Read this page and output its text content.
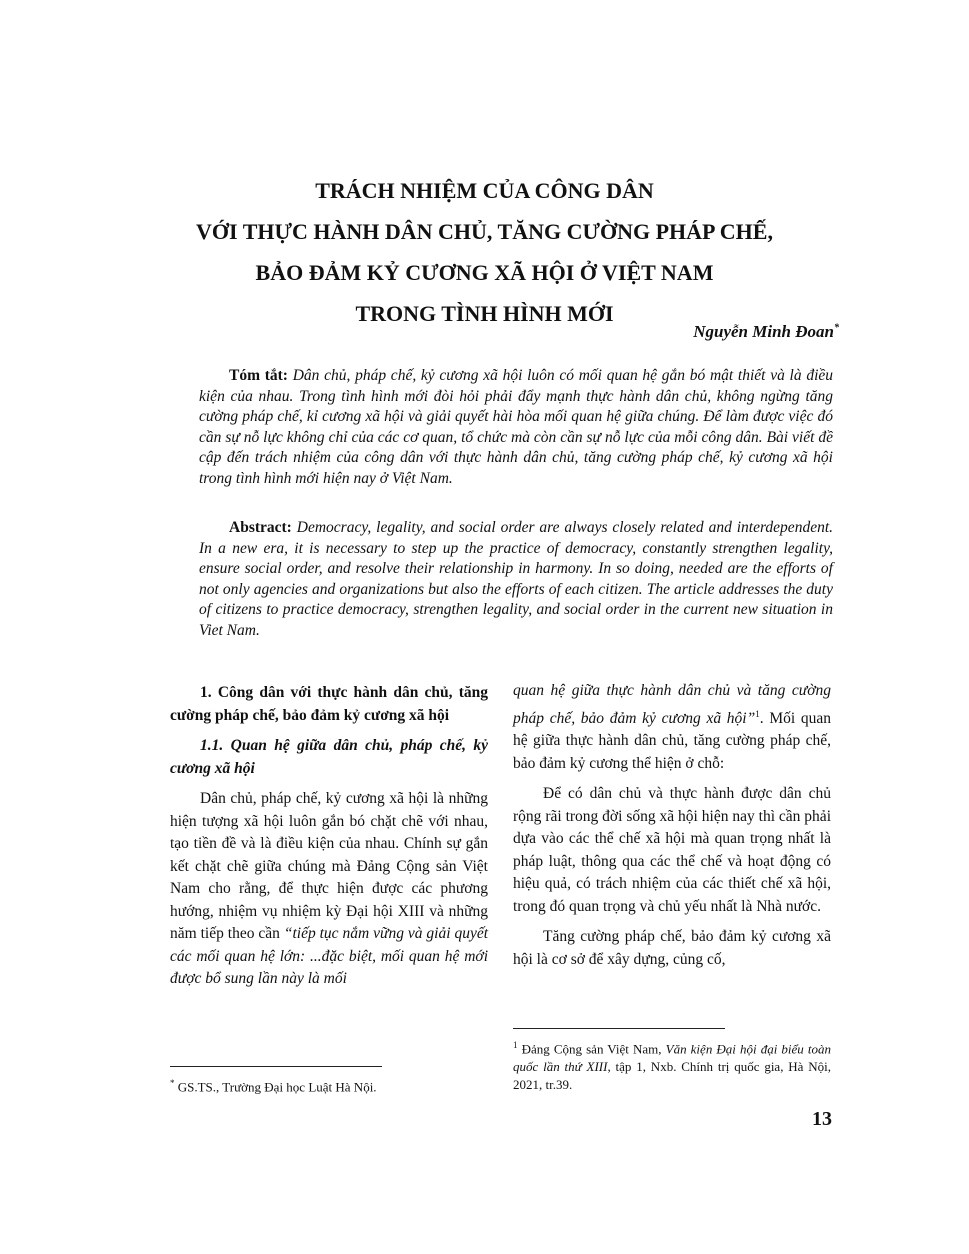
TRÁCH NHIỆM CỦA CÔNG DÂN
VỚI THỰC HÀNH DÂN CHỦ, TĂNG CƯỜNG PHÁP CHẾ,
BẢO ĐẢM KỶ CƯƠNG XÃ HỘI Ở VIỆT NAM
TRONG TÌNH HÌNH MỚI
Nguyễn Minh Đoan*
Tóm tắt: Dân chủ, pháp chế, kỷ cương xã hội luôn có mối quan hệ gắn bó mật thiết và là điều kiện của nhau. Trong tình hình mới đòi hỏi phải đẩy mạnh thực hành dân chủ, không ngừng tăng cường pháp chế, kỉ cương xã hội và giải quyết hài hòa mối quan hệ giữa chúng. Để làm được việc đó cần sự nỗ lực không chỉ của các cơ quan, tổ chức mà còn cần sự nỗ lực của mỗi công dân. Bài viết đề cập đến trách nhiệm của công dân với thực hành dân chủ, tăng cường pháp chế, kỷ cương xã hội trong tình hình mới hiện nay ở Việt Nam.
Abstract: Democracy, legality, and social order are always closely related and interdependent. In a new era, it is necessary to step up the practice of democracy, constantly strengthen legality, ensure social order, and resolve their relationship in harmony. In so doing, needed are the efforts of not only agencies and organizations but also the efforts of each citizen. The article addresses the duty of citizens to practice democracy, strengthen legality, and social order in the current new situation in Viet Nam.

1. Công dân với thực hành dân chủ, tăng cường pháp chế, bảo đảm kỷ cương xã hội

1.1. Quan hệ giữa dân chủ, pháp chế, kỷ cương xã hội

Dân chủ, pháp chế, kỷ cương xã hội là những hiện tượng xã hội luôn gắn bó chặt chẽ với nhau, tạo tiền đề và là điều kiện của nhau. Chính sự gắn kết chặt chẽ giữa chúng mà Đảng Cộng sản Việt Nam cho rằng, để thực hiện được các phương hướng, nhiệm vụ nhiệm kỳ Đại hội XIII và những năm tiếp theo cần “tiếp tục nắm vững và giải quyết các mối quan hệ lớn: ...đặc biệt, mối quan hệ mới được bổ sung lần này là mối

quan hệ giữa thực hành dân chủ và tăng cường pháp chế, bảo đảm kỷ cương xã hội”$^1$. Mối quan hệ giữa thực hành dân chủ, tăng cường pháp chế, bảo đảm kỷ cương thể hiện ở chỗ:

Để có dân chủ và thực hành được dân chủ rộng rãi trong đời sống xã hội hiện nay thì cần phải dựa vào các thể chế xã hội mà quan trọng nhất là pháp luật, thông qua các thể chế và hoạt động có hiệu quả, có trách nhiệm của các thiết chế xã hội, trong đó quan trọng và chủ yếu nhất là Nhà nước.

Tăng cường pháp chế, bảo đảm kỷ cương xã hội là cơ sở để xây dựng, củng cố,

* GS.TS., Trường Đại học Luật Hà Nội.
$^1$ Đảng Cộng sản Việt Nam, Văn kiện Đại hội đại biểu toàn quốc lần thứ XIII, tập 1, Nxb. Chính trị quốc gia, Hà Nội, 2021, tr.39.
13
